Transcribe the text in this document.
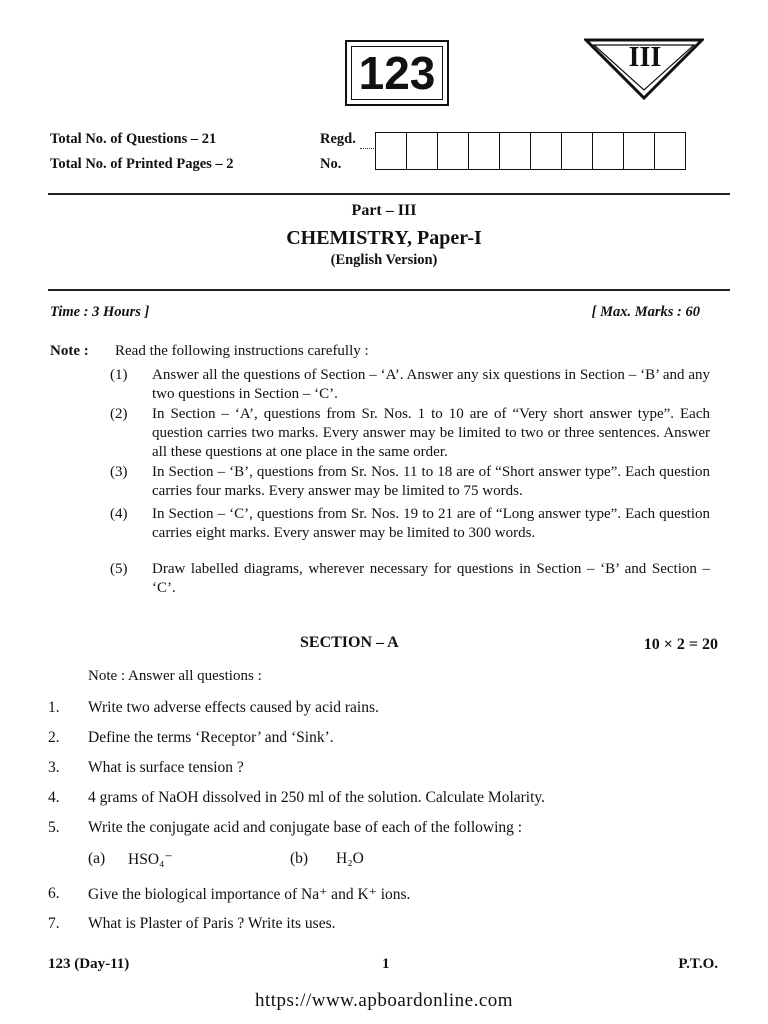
123	III
Total No. of Questions – 21
Total No. of Printed Pages – 2
Regd.
No.
Part – III
CHEMISTRY, Paper-I
(English Version)
Time : 3 Hours ]	[ Max. Marks : 60
Note : Read the following instructions carefully :
(1)	Answer all the questions of Section – ‘A’. Answer any six questions in Section – ‘B’ and any two questions in Section – ‘C’.
(2)	In Section – ‘A’, questions from Sr. Nos. 1 to 10 are of “Very short answer type”. Each question carries two marks. Every answer may be limited to two or three sentences. Answer all these questions at one place in the same order.
(3)	In Section – ‘B’, questions from Sr. Nos. 11 to 18 are of “Short answer type”. Each question carries four marks. Every answer may be limited to 75 words.
(4)	In Section – ‘C’, questions from Sr. Nos. 19 to 21 are of “Long answer type”. Each question carries eight marks. Every answer may be limited to 300 words.
(5)	Draw labelled diagrams, wherever necessary for questions in Section – ‘B’ and Section – ‘C’.
SECTION – A	10 × 2 = 20
Note : Answer all questions :
1.	Write two adverse effects caused by acid rains.
2.	Define the terms ‘Receptor’ and ‘Sink’.
3.	What is surface tension ?
4.	4 grams of NaOH dissolved in 250 ml of the solution. Calculate Molarity.
5.	Write the conjugate acid and conjugate base of each of the following :
(a) HSO₄⁻	(b) H₂O
6.	Give the biological importance of Na⁺ and K⁺ ions.
7.	What is Plaster of Paris ? Write its uses.
123 (Day-11)	1	P.T.O.
https://www.apboardonline.com
